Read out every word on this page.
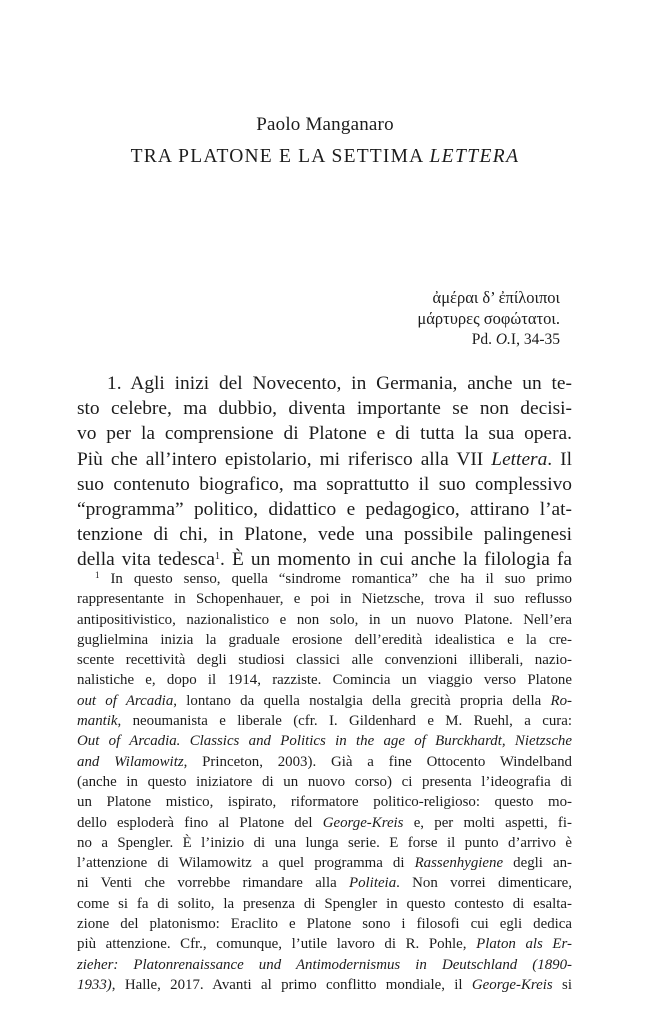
Paolo Manganaro
TRA PLATONE E LA SETTIMA LETTERA
ἀμέραι δ’ ἐπίλοιποι
μάρτυρες σοφώτατοι.
Pd. O.I, 34-35
1. Agli inizi del Novecento, in Germania, anche un te-
sto celebre, ma dubbio, diventa importante se non decisi-
vo per la comprensione di Platone e di tutta la sua opera.
Più che all’intero epistolario, mi riferisco alla VII Lettera. Il
suo contenuto biografico, ma soprattutto il suo complessivo
“programma” politico, didattico e pedagogico, attirano l’at-
tenzione di chi, in Platone, vede una possibile palingenesi
della vita tedesca$^1$. È un momento in cui anche la filologia fa
$^1$ In questo senso, quella “sindrome romantica” che ha il suo primo
rappresentante in Schopenhauer, e poi in Nietzsche, trova il suo reflusso
antipositivistico, nazionalistico e non solo, in un nuovo Platone. Nell’era
guglielmina inizia la graduale erosione dell’eredità idealistica e la cre-
scente recettività degli studiosi classici alle convenzioni illiberali, nazio-
nalistiche e, dopo il 1914, razziste. Comincia un viaggio verso Platone
out of Arcadia, lontano da quella nostalgia della grecità propria della Ro-
mantik, neoumanista e liberale (cfr. I. Gildenhard e M. Ruehl, a cura:
Out of Arcadia. Classics and Politics in the age of Burckhardt, Nietzsche
and Wilamowitz, Princeton, 2003). Già a fine Ottocento Windelband
(anche in questo iniziatore di un nuovo corso) ci presenta l’ideografia di
un Platone mistico, ispirato, riformatore politico-religioso: questo mo-
dello esploderà fino al Platone del George-Kreis e, per molti aspetti, fi-
no a Spengler. È l’inizio di una lunga serie. E forse il punto d’arrivo è
l’attenzione di Wilamowitz a quel programma di Rassenhygiene degli an-
ni Venti che vorrebbe rimandare alla Politeia. Non vorrei dimenticare,
come si fa di solito, la presenza di Spengler in questo contesto di esalta-
zione del platonismo: Eraclito e Platone sono i filosofi cui egli dedica
più attenzione. Cfr., comunque, l’utile lavoro di R. Pohle, Platon als Er-
zieher: Platonrenaissance und Antimodernismus in Deutschland (1890-
1933), Halle, 2017. Avanti al primo conflitto mondiale, il George-Kreis si
